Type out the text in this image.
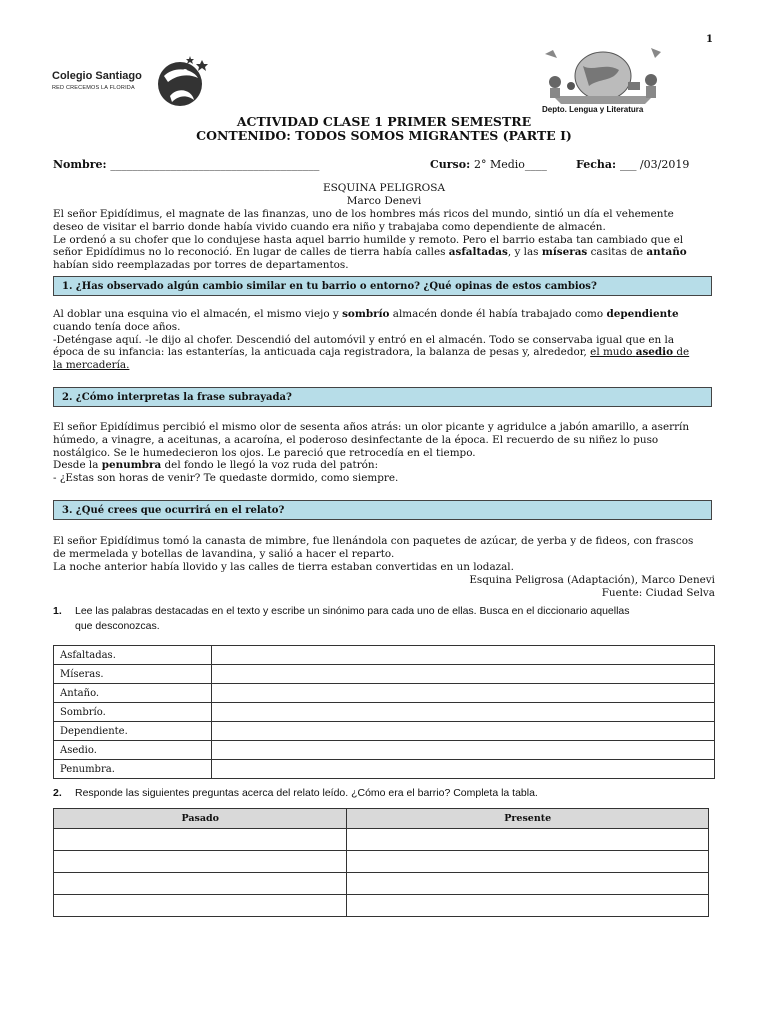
1
Colegio Santiago
RED CRECEMOS LA FLORIDA
Depto. Lengua y Literatura
ACTIVIDAD CLASE 1 PRIMER SEMESTRE
CONTENIDO: TODOS SOMOS MIGRANTES (PARTE I)
Nombre: ______________________________________	Curso: 2° Medio____	Fecha: ___ /03/2019
ESQUINA PELIGROSA
Marco Denevi
El señor Epidídimus, el magnate de las finanzas, uno de los hombres más ricos del mundo, sintió un día el vehemente
deseo de visitar el barrio donde había vivido cuando era niño y trabajaba como dependiente de almacén.
Le ordenó a su chofer que lo condujese hasta aquel barrio humilde y remoto. Pero el barrio estaba tan cambiado que el
señor Epidídimus no lo reconoció. En lugar de calles de tierra había calles asfaltadas, y las míseras casitas de antaño
habían sido reemplazadas por torres de departamentos.
1. ¿Has observado algún cambio similar en tu barrio o entorno? ¿Qué opinas de estos cambios?
Al doblar una esquina vio el almacén, el mismo viejo y sombrío almacén donde él había trabajado como dependiente
cuando tenía doce años.
-Deténgase aquí. -le dijo al chofer. Descendió del automóvil y entró en el almacén. Todo se conservaba igual que en la
época de su infancia: las estanterías, la anticuada caja registradora, la balanza de pesas y, alrededor, el mudo asedio de
la mercadería.
2. ¿Cómo interpretas la frase subrayada?
El señor Epidídimus percibió el mismo olor de sesenta años atrás: un olor picante y agridulce a jabón amarillo, a aserrín
húmedo, a vinagre, a aceitunas, a acaroína, el poderoso desinfectante de la época. El recuerdo de su niñez lo puso
nostálgico. Se le humedecieron los ojos. Le pareció que retrocedía en el tiempo.
Desde la penumbra del fondo le llegó la voz ruda del patrón:
- ¿Estas son horas de venir? Te quedaste dormido, como siempre.
3. ¿Qué crees que ocurrirá en el relato?
El señor Epidídimus tomó la canasta de mimbre, fue llenándola con paquetes de azúcar, de yerba y de fideos, con frascos
de mermelada y botellas de lavandina, y salió a hacer el reparto.
La noche anterior había llovido y las calles de tierra estaban convertidas en un lodazal.
Esquina Peligrosa (Adaptación), Marco Denevi
Fuente: Ciudad Selva
1. Lee las palabras destacadas en el texto y escribe un sinónimo para cada uno de ellas. Busca en el diccionario aquellas
que desconozcas.
Asfaltadas.	
Míseras.	
Antaño.	
Sombrío.	
Dependiente.	
Asedio.	
Penumbra.	
2. Responde las siguientes preguntas acerca del relato leído. ¿Cómo era el barrio? Completa la tabla.
Pasado	Presente
